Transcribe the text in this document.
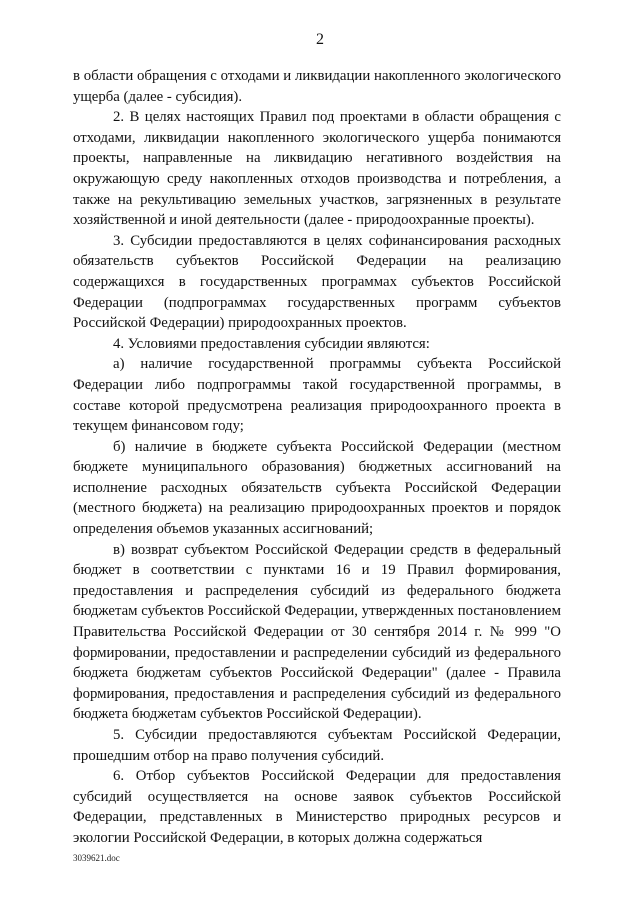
2

в области обращения с отходами и ликвидации накопленного экологического ущерба (далее - субсидия).

2. В целях настоящих Правил под проектами в области обращения с отходами, ликвидации накопленного экологического ущерба понимаются проекты, направленные на ликвидацию негативного воздействия на окружающую среду накопленных отходов производства и потребления, а также на рекультивацию земельных участков, загрязненных в результате хозяйственной и иной деятельности (далее - природоохранные проекты).

3. Субсидии предоставляются в целях софинансирования расходных обязательств субъектов Российской Федерации на реализацию содержащихся в государственных программах субъектов Российской Федерации (подпрограммах государственных программ субъектов Российской Федерации) природоохранных проектов.

4. Условиями предоставления субсидии являются:

а) наличие государственной программы субъекта Российской Федерации либо подпрограммы такой государственной программы, в составе которой предусмотрена реализация природоохранного проекта в текущем финансовом году;

б) наличие в бюджете субъекта Российской Федерации (местном бюджете муниципального образования) бюджетных ассигнований на исполнение расходных обязательств субъекта Российской Федерации (местного бюджета) на реализацию природоохранных проектов и порядок определения объемов указанных ассигнований;

в) возврат субъектом Российской Федерации средств в федеральный бюджет в соответствии с пунктами 16 и 19 Правил формирования, предоставления и распределения субсидий из федерального бюджета бюджетам субъектов Российской Федерации, утвержденных постановлением Правительства Российской Федерации от 30 сентября 2014 г. № 999 "О формировании, предоставлении и распределении субсидий из федерального бюджета бюджетам субъектов Российской Федерации" (далее - Правила формирования, предоставления и распределения субсидий из федерального бюджета бюджетам субъектов Российской Федерации).

5. Субсидии предоставляются субъектам Российской Федерации, прошедшим отбор на право получения субсидий.

6. Отбор субъектов Российской Федерации для предоставления субсидий осуществляется на основе заявок субъектов Российской Федерации, представленных в Министерство природных ресурсов и экологии Российской Федерации, в которых должна содержаться

3039621.doc
